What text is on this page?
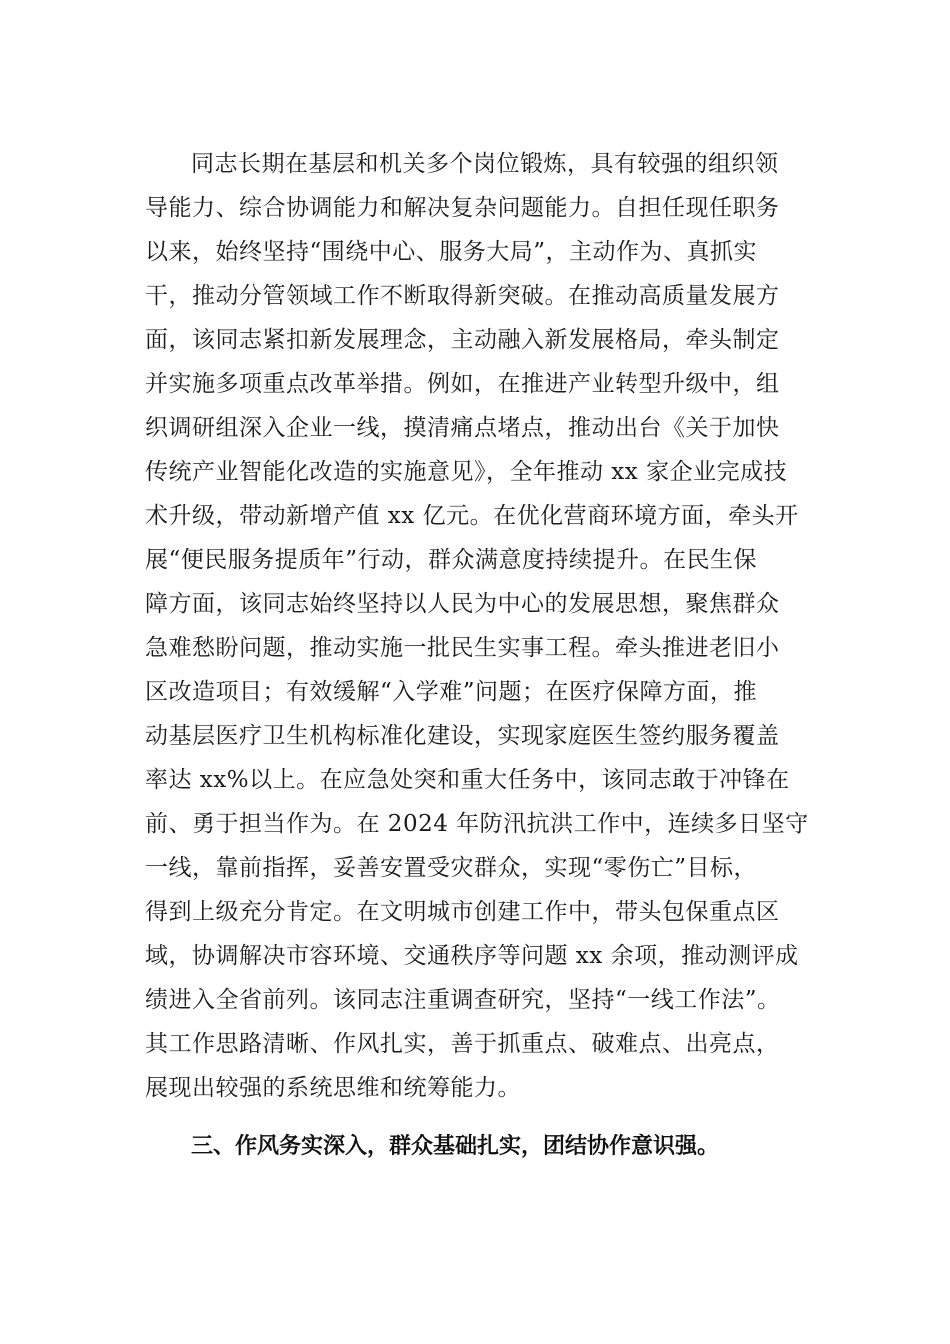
同志长期在基层和机关多个岗位锻炼，具有较强的组织领
导能力、综合协调能力和解决复杂问题能力。自担任现任职务
以来，始终坚持“围绕中心、服务大局”，主动作为、真抓实
干，推动分管领域工作不断取得新突破。在推动高质量发展方
面，该同志紧扣新发展理念，主动融入新发展格局，牵头制定
并实施多项重点改革举措。例如，在推进产业转型升级中，组
织调研组深入企业一线，摸清痛点堵点，推动出台《关于加快
传统产业智能化改造的实施意见》，全年推动 xx 家企业完成技
术升级，带动新增产值 xx 亿元。在优化营商环境方面，牵头开
展“便民服务提质年”行动，群众满意度持续提升。在民生保
障方面，该同志始终坚持以人民为中心的发展思想，聚焦群众
急难愁盼问题，推动实施一批民生实事工程。牵头推进老旧小
区改造项目；有效缓解“入学难”问题；在医疗保障方面，推
动基层医疗卫生机构标准化建设，实现家庭医生签约服务覆盖
率达 xx%以上。在应急处突和重大任务中，该同志敢于冲锋在
前、勇于担当作为。在 2024 年防汛抗洪工作中，连续多日坚守
一线，靠前指挥，妥善安置受灾群众，实现“零伤亡”目标，
得到上级充分肯定。在文明城市创建工作中，带头包保重点区
域，协调解决市容环境、交通秩序等问题 xx 余项，推动测评成
绩进入全省前列。该同志注重调查研究，坚持“一线工作法”。
其工作思路清晰、作风扎实，善于抓重点、破难点、出亮点，
展现出较强的系统思维和统筹能力。
三、作风务实深入，群众基础扎实，团结协作意识强。
